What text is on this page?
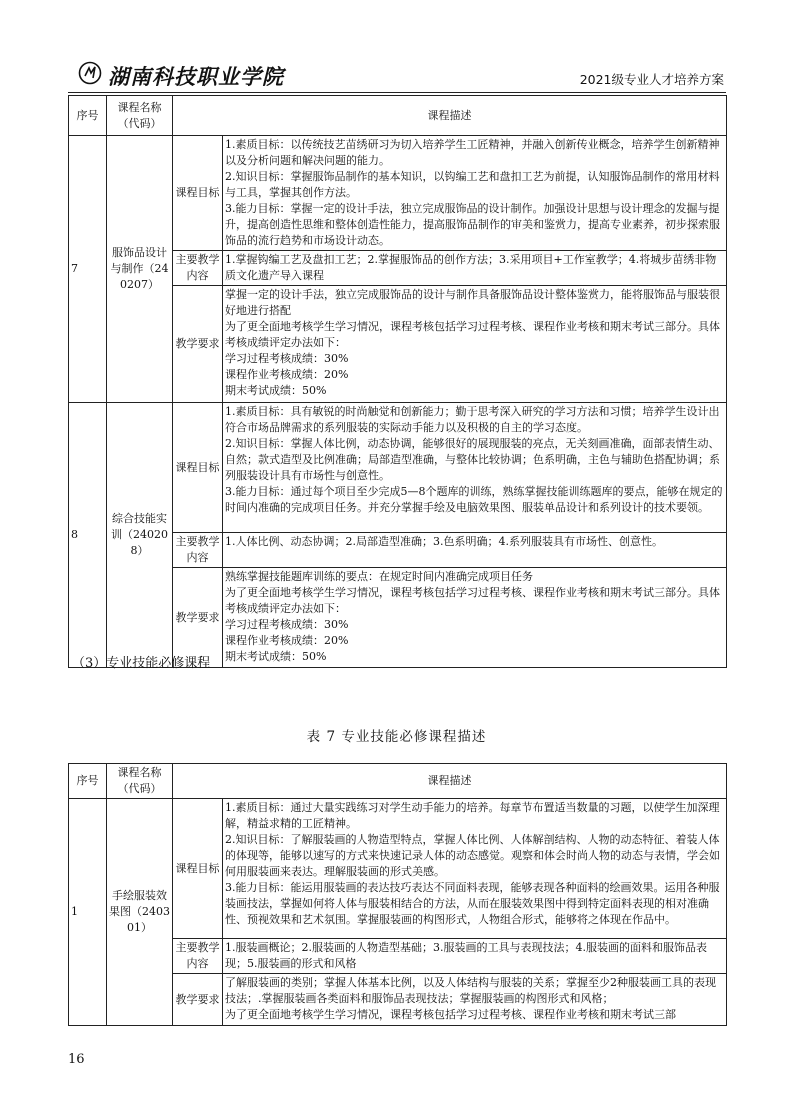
湖南科技职业学院	2021级专业人才培养方案
序号	课程名称（代码）	课程描述	
7	服饰品设计与制作（240207）	课程目标	1.素质目标：以传统技艺苗绣研习为切入培养学生工匠精神，并融入创新传业概念，培养学生创新精神以及分析问题和解决问题的能力。
2.知识目标：掌握服饰品制作的基本知识，以钩编工艺和盘扣工艺为前提，认知服饰品制作的常用材料与工具，掌握其创作方法。
3.能力目标：掌握一定的设计手法，独立完成服饰品的设计制作。加强设计思想与设计理念的发掘与提升，提高创造性思维和整体创造性能力，提高服饰品制作的审美和鉴赏力，提高专业素养，初步探索服饰品的流行趋势和市场设计动态。
		主要教学内容	1.掌握钩编工艺及盘扣工艺；2.掌握服饰品的创作方法；3.采用项目+工作室教学；4.将城步苗绣非物质文化遗产导入课程
		教学要求	掌握一定的设计手法，独立完成服饰品的设计与制作具备服饰品设计整体鉴赏力，能将服饰品与服装很好地进行搭配
为了更全面地考核学生学习情况，课程考核包括学习过程考核、课程作业考核和期末考试三部分。具体考核成绩评定办法如下：
学习过程考核成绩：30%
课程作业考核成绩：20%
期末考试成绩：50%
8	综合技能实训（240208）	课程目标	1.素质目标：具有敏锐的时尚触觉和创新能力；勤于思考深入研究的学习方法和习惯；培养学生设计出符合市场品牌需求的系列服装的实际动手能力以及积极的自主的学习态度。
2.知识目标：掌握人体比例，动态协调，能够很好的展现服装的亮点，无关刻画准确，面部表情生动、自然；款式造型及比例准确；局部造型准确，与整体比较协调；色系明确，主色与辅助色搭配协调；系列服装设计具有市场性与创意性。
3.能力目标：通过每个项目至少完成5—8个题库的训练，熟练掌握技能训练题库的要点，能够在规定的时间内准确的完成项目任务。并充分掌握手绘及电脑效果图、服装单品设计和系列设计的技术要领。
		主要教学内容	1.人体比例、动态协调；2.局部造型准确；3.色系明确；4.系列服装具有市场性、创意性。
		教学要求	熟练掌握技能题库训练的要点：在规定时间内准确完成项目任务
为了更全面地考核学生学习情况，课程考核包括学习过程考核、课程作业考核和期末考试三部分。具体考核成绩评定办法如下：
学习过程考核成绩：30%
课程作业考核成绩：20%
期末考试成绩：50%
（3）专业技能必修课程
表 7 专业技能必修课程描述
序号	课程名称（代码）	课程描述	
1	手绘服装效果图（240301）	课程目标	1.素质目标：通过大量实践练习对学生动手能力的培养。每章节布置适当数量的习题，以使学生加深理解，精益求精的工匠精神。
2.知识目标：了解服装画的人物造型特点，掌握人体比例、人体解剖结构、人物的动态特征、着装人体的体现等，能够以速写的方式来快速记录人体的动态感觉。观察和体会时尚人物的动态与表情，学会如何用服装画来表达。理解服装画的形式美感。
3.能力目标：能运用服装画的表达技巧表达不同面料表现，能够表现各种面料的绘画效果。运用各种服装画技法，掌握如何将人体与服装相结合的方法，从而在服装效果图中得到特定面料表现的相对准确性、预视效果和艺术氛围。掌握服装画的构图形式，人物组合形式，能够将之体现在作品中。
		主要教学内容	1.服装画概论；2.服装画的人物造型基础；3.服装画的工具与表现技法；4.服装画的面料和服饰品表现；5.服装画的形式和风格
		教学要求	了解服装画的类别；掌握人体基本比例，以及人体结构与服装的关系；掌握至少2种服装画工具的表现技法；.掌握服装画各类面料和服饰品表现技法；掌握服装画的构图形式和风格；
为了更全面地考核学生学习情况，课程考核包括学习过程考核、课程作业考核和期末考试三部
16
